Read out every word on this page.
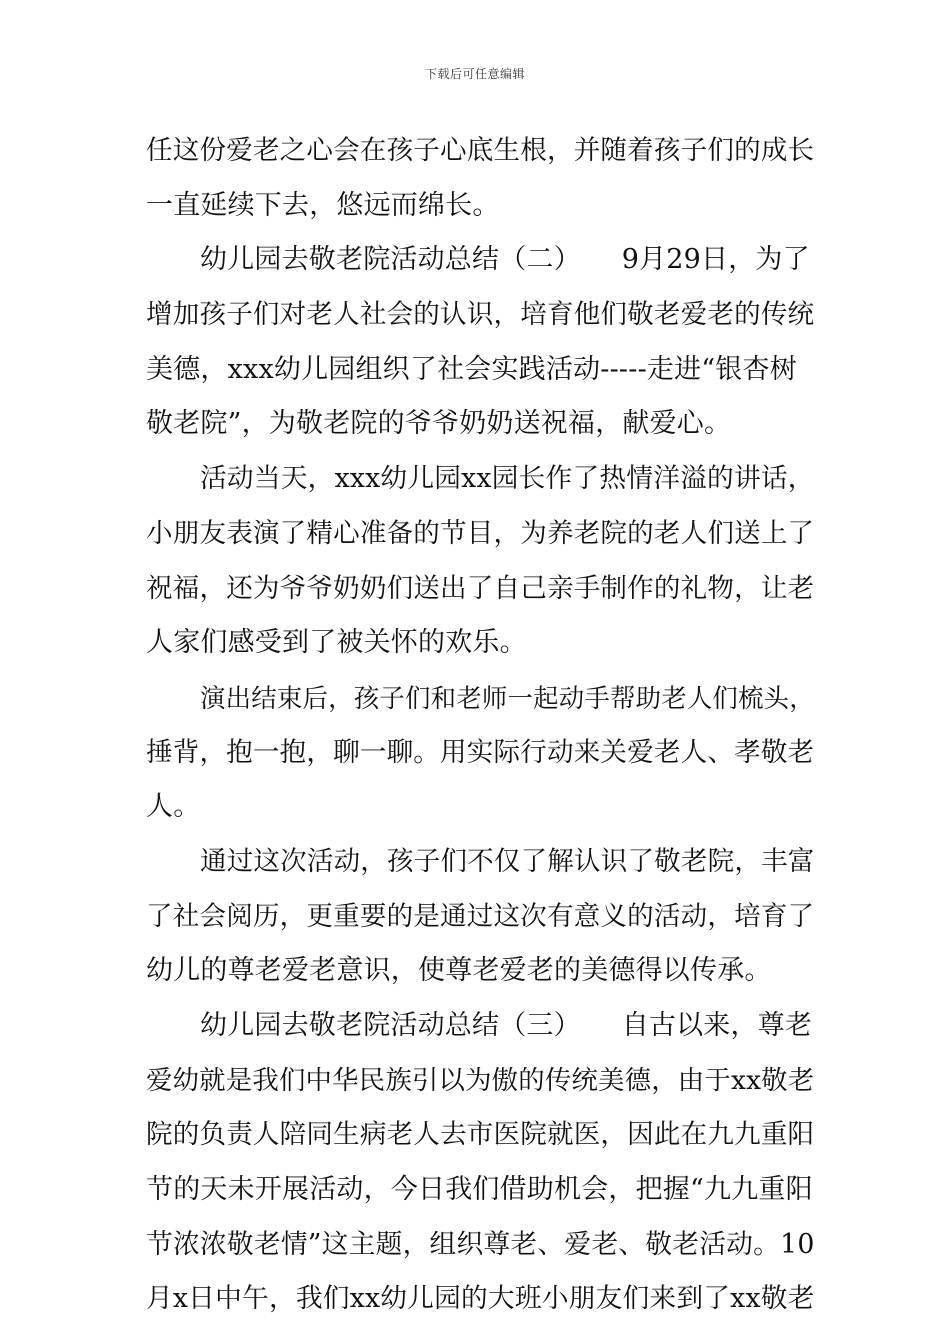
下载后可任意编辑
任这份爱老之心会在孩子心底生根，并随着孩子们的成长
一直延续下去，悠远而绵长。
幼儿园去敬老院活动总结（二）　　9月29日，为了
增加孩子们对老人社会的认识，培育他们敬老爱老的传统
美德，xxx幼儿园组织了社会实践活动-----走进“银杏树
敬老院”，为敬老院的爷爷奶奶送祝福，献爱心。
活动当天，xxx幼儿园xx园长作了热情洋溢的讲话，
小朋友表演了精心准备的节目，为养老院的老人们送上了
祝福，还为爷爷奶奶们送出了自己亲手制作的礼物，让老
人家们感受到了被关怀的欢乐。
演出结束后，孩子们和老师一起动手帮助老人们梳头，
捶背，抱一抱，聊一聊。用实际行动来关爱老人、孝敬老
人。
通过这次活动，孩子们不仅了解认识了敬老院，丰富
了社会阅历，更重要的是通过这次有意义的活动，培育了
幼儿的尊老爱老意识，使尊老爱老的美德得以传承。
幼儿园去敬老院活动总结（三）　　自古以来，尊老
爱幼就是我们中华民族引以为傲的传统美德，由于xx敬老
院的负责人陪同生病老人去市医院就医，因此在九九重阳
节的天未开展活动，今日我们借助机会，把握“九九重阳
节浓浓敬老情”这主题，组织尊老、爱老、敬老活动。10
月x日中午，我们xx幼儿园的大班小朋友们来到了xx敬老
